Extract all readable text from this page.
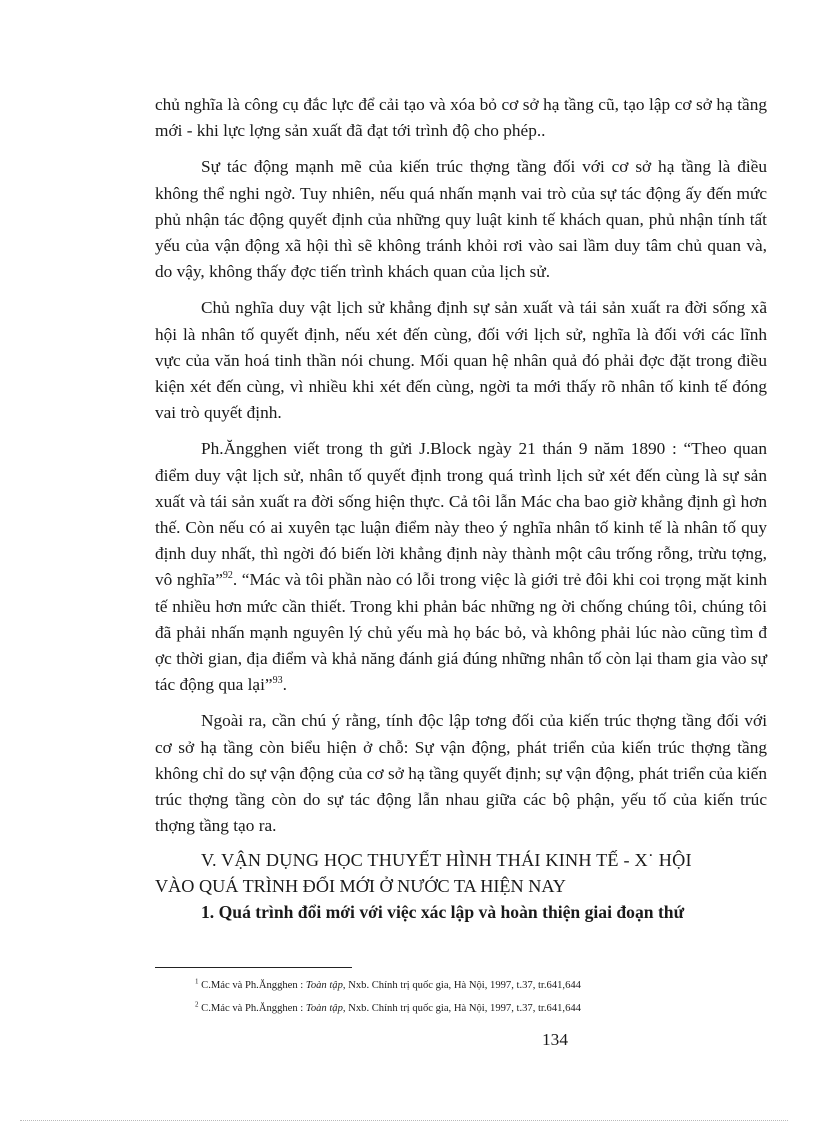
chủ nghĩa là công cụ đắc lực để cải tạo và xóa bỏ cơ sở hạ tầng cũ, tạo lập cơ sở hạ tầng mới - khi lực lợng sản xuất đã đạt tới trình độ cho phép..

Sự tác động mạnh mẽ của kiến trúc thợng tầng đối với cơ sở hạ tầng là điều không thể nghi ngờ. Tuy nhiên, nếu quá nhấn mạnh vai trò của sự tác động ấy đến mức phủ nhận tác động quyết định của những quy luật kinh tế khách quan, phủ nhận tính tất yếu của vận động xã hội thì sẽ không tránh khỏi rơi vào sai lầm duy tâm chủ quan và, do vậy, không thấy đợc tiến trình khách quan của lịch sử.

Chủ nghĩa duy vật lịch sử khẳng định sự sản xuất và tái sản xuất ra đời sống xã hội là nhân tố quyết định, nếu xét đến cùng, đối với lịch sử, nghĩa là đối với các lĩnh vực của văn hoá tinh thần nói chung. Mối quan hệ nhân quả đó phải đợc đặt trong điều kiện xét đến cùng, vì nhiều khi xét đến cùng, ngời ta mới thấy rõ nhân tố kinh tế đóng vai trò quyết định.

Ph.Ăngghen viết trong th gửi J.Block ngày 21 thán 9 năm 1890 : “Theo quan điểm duy vật lịch sử, nhân tố quyết định trong quá trình lịch sử xét đến cùng là sự sản xuất và tái sản xuất ra đời sống hiện thực. Cả tôi lẫn Mác cha bao giờ khẳng định gì hơn thế. Còn nếu có ai xuyên tạc luận điểm này theo ý nghĩa nhân tố kinh tế là nhân tố quy định duy nhất, thì ngời đó biến lời khẳng định này thành một câu trống rỗng, trừu tợng, vô nghĩa”$^{92}$. “Mác và tôi phần nào có lỗi trong việc là giới trẻ đôi khi coi trọng mặt kinh tế nhiều hơn mức cần thiết. Trong khi phản bác những ng ời chống chúng tôi, chúng tôi đã phải nhấn mạnh nguyên lý chủ yếu mà họ bác bỏ, và không phải lúc nào cũng tìm đ ợc thời gian, địa điểm và khả năng đánh giá đúng những nhân tố còn lại tham gia vào sự tác động qua lại”$^{93}$.

Ngoài ra, cần chú ý rằng, tính độc lập tơng đối của kiến trúc thợng tầng đối với cơ sở hạ tầng còn biểu hiện ở chỗ: Sự vận động, phát triển của kiến trúc thợng tầng không chỉ do sự vận động của cơ sở hạ tầng quyết định; sự vận động, phát triển của kiến trúc thợng tầng còn do sự tác động lẫn nhau giữa các bộ phận, yếu tố của kiến trúc thợng tầng tạo ra.

V. VẬN DỤNG HỌC THUYẾT HÌNH THÁI KINH TẾ - X˙ HỘI

VÀO QUÁ TRÌNH ĐỔI MỚI Ở NƯỚC TA HIỆN NAY

1. Quá trình đổi mới với việc xác lập và hoàn thiện giai đoạn thứ

$^1$ C.Mác và Ph.Ăngghen : Toàn tập, Nxb. Chính trị quốc gia, Hà Nội, 1997, t.37, tr.641,644

$^2$ C.Mác và Ph.Ăngghen : Toàn tập, Nxb. Chính trị quốc gia, Hà Nội, 1997, t.37, tr.641,644

134
